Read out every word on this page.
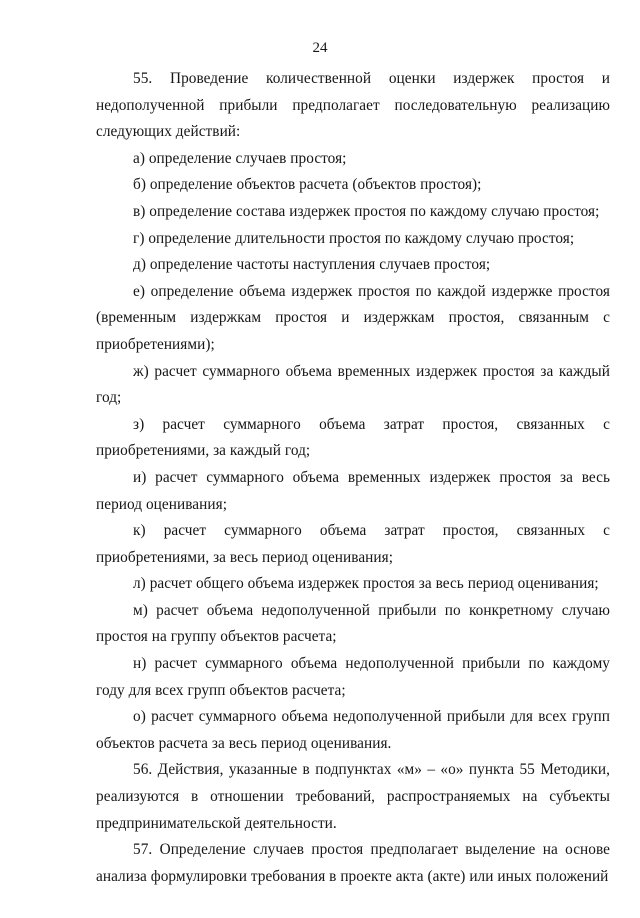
24

55. Проведение количественной оценки издержек простоя и недополученной прибыли предполагает последовательную реализацию следующих действий:

а) определение случаев простоя;

б) определение объектов расчета (объектов простоя);

в) определение состава издержек простоя по каждому случаю простоя;

г) определение длительности простоя по каждому случаю простоя;

д) определение частоты наступления случаев простоя;

е) определение объема издержек простоя по каждой издержке простоя (временным издержкам простоя и издержкам простоя, связанным с приобретениями);

ж) расчет суммарного объема временных издержек простоя за каждый год;

з) расчет суммарного объема затрат простоя, связанных с приобретениями, за каждый год;

и) расчет суммарного объема временных издержек простоя за весь период оценивания;

к) расчет суммарного объема затрат простоя, связанных с приобретениями, за весь период оценивания;

л) расчет общего объема издержек простоя за весь период оценивания;

м) расчет объема недополученной прибыли по конкретному случаю простоя на группу объектов расчета;

н) расчет суммарного объема недополученной прибыли по каждому году для всех групп объектов расчета;

о) расчет суммарного объема недополученной прибыли для всех групп объектов расчета за весь период оценивания.

56. Действия, указанные в подпунктах «м» – «о» пункта 55 Методики, реализуются в отношении требований, распространяемых на субъекты предпринимательской деятельности.

57. Определение случаев простоя предполагает выделение на основе анализа формулировки требования в проекте акта (акте) или иных положений
